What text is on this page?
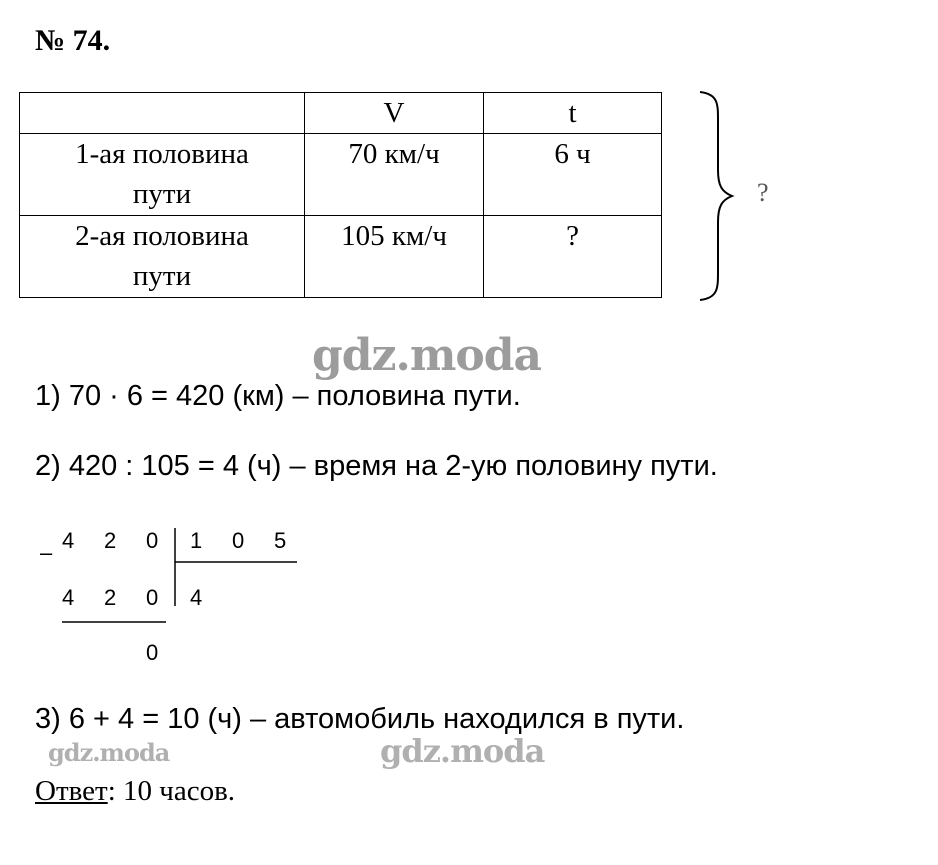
№ 74.
	V	t

1-ая половина
пути	70 км/ч	6 ч

2-ая половина
пути	105 км/ч	?
?
1) 70 · 6 = 420 (км) – половина пути.
2) 420 : 105 = 4 (ч) – время на 2-ую половину пути.
– 4 2 0 1 0 5
4 2 0 4
0
3) 6 + 4 = 10 (ч) – автомобиль находился в пути.
Ответ: 10 часов.
gdz.moda
gdz.moda	gdz.moda
